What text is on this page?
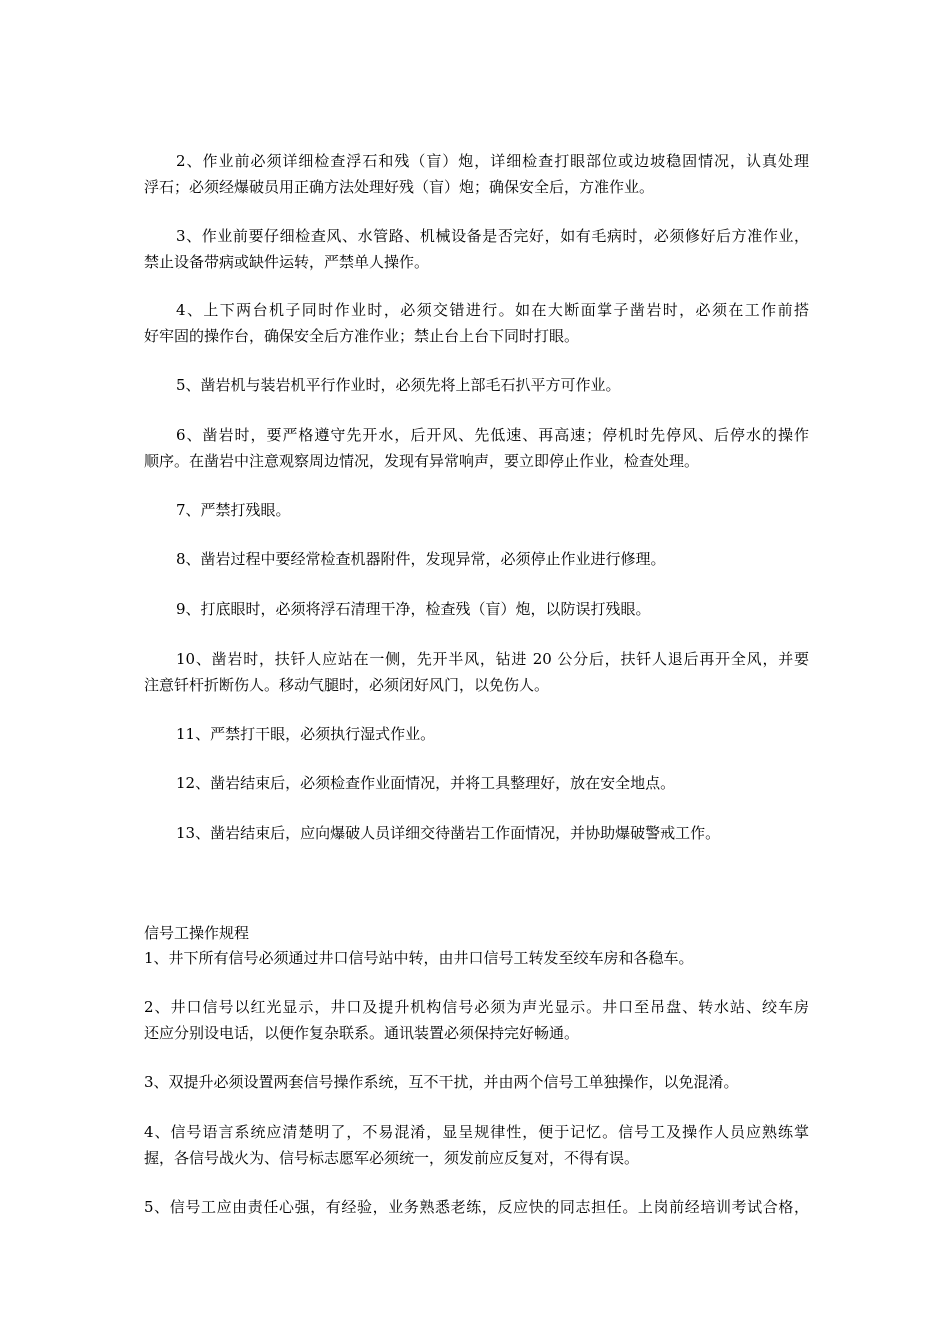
2、作业前必须详细检查浮石和残（盲）炮，详细检查打眼部位或边坡稳固情况，认真处理
浮石；必须经爆破员用正确方法处理好残（盲）炮；确保安全后，方准作业。
3、作业前要仔细检查风、水管路、机械设备是否完好，如有毛病时，必须修好后方准作业，
禁止设备带病或缺件运转，严禁单人操作。
4、上下两台机子同时作业时，必须交错进行。如在大断面掌子凿岩时，必须在工作前搭
好牢固的操作台，确保安全后方准作业；禁止台上台下同时打眼。
5、凿岩机与装岩机平行作业时，必须先将上部毛石扒平方可作业。
6、凿岩时，要严格遵守先开水，后开风、先低速、再高速；停机时先停风、后停水的操作
顺序。在凿岩中注意观察周边情况，发现有异常响声，要立即停止作业，检查处理。
7、严禁打残眼。
8、凿岩过程中要经常检查机器附件，发现异常，必须停止作业进行修理。
9、打底眼时，必须将浮石清理干净，检查残（盲）炮，以防误打残眼。
10、凿岩时，扶钎人应站在一侧，先开半风，钻进 20 公分后，扶钎人退后再开全风，并要
注意钎杆折断伤人。移动气腿时，必须闭好风门，以免伤人。
11、严禁打干眼，必须执行湿式作业。
12、凿岩结束后，必须检查作业面情况，并将工具整理好，放在安全地点。
13、凿岩结束后，应向爆破人员详细交待凿岩工作面情况，并协助爆破警戒工作。
信号工操作规程
1、井下所有信号必须通过井口信号站中转，由井口信号工转发至绞车房和各稳车。
2、井口信号以红光显示，井口及提升机构信号必须为声光显示。井口至吊盘、转水站、绞车房
还应分别设电话，以便作复杂联系。通讯装置必须保持完好畅通。
3、双提升必须设置两套信号操作系统，互不干扰，并由两个信号工单独操作，以免混淆。
4、信号语言系统应清楚明了，不易混淆，显呈规律性，便于记忆。信号工及操作人员应熟练掌
握，各信号战火为、信号标志愿军必须统一，须发前应反复对，不得有误。
5、信号工应由责任心强，有经验，业务熟悉老练，反应快的同志担任。上岗前经培训考试合格，
